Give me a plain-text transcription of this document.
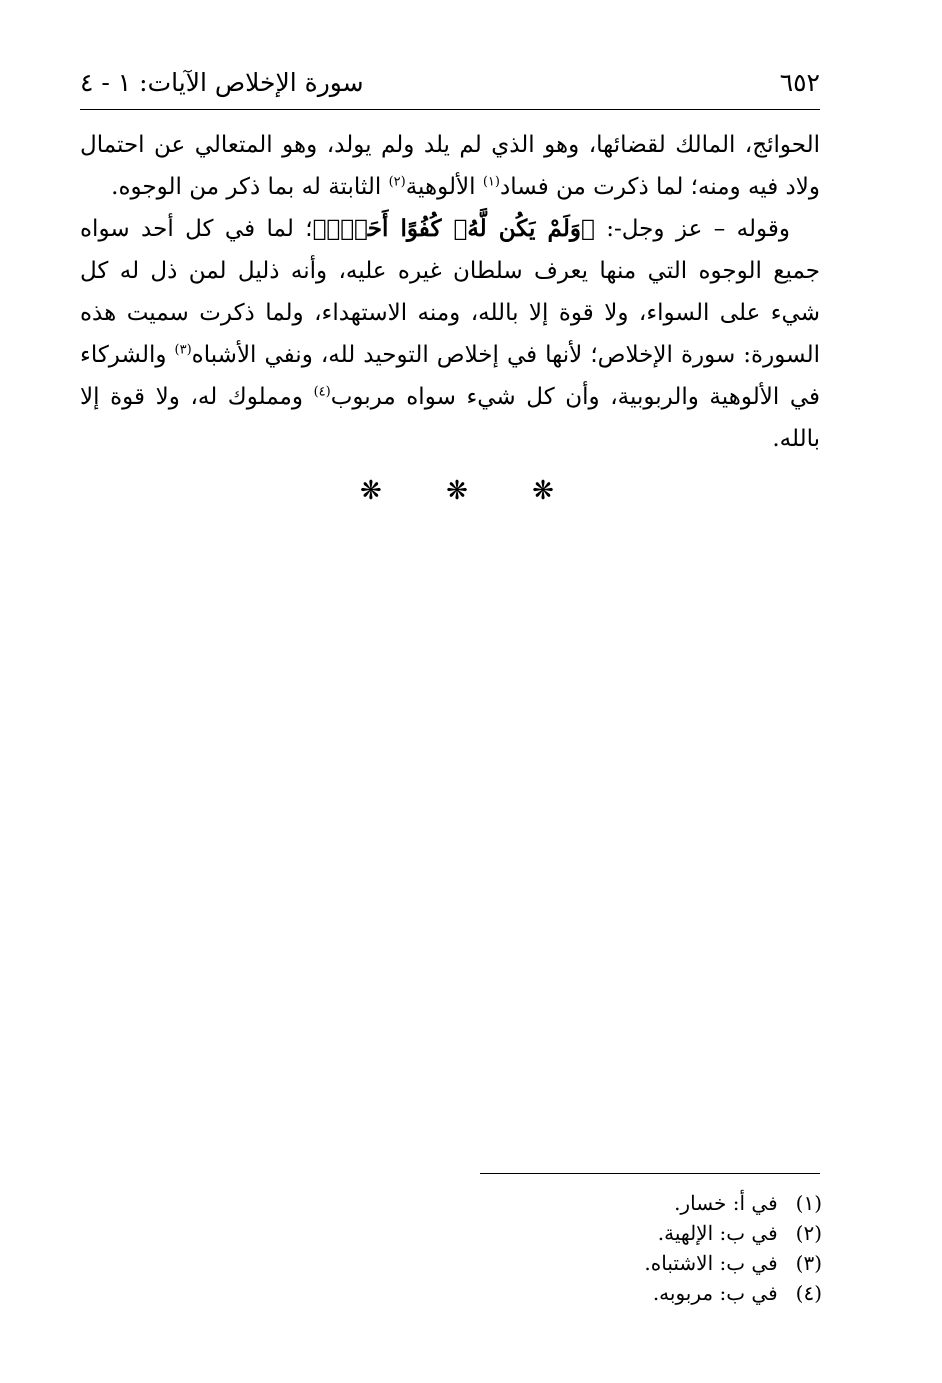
٦٥٢
سورة الإخلاص الآيات: ١ - ٤

الحوائج، المالك لقضائها، وهو الذي لم يلد ولم يولد، وهو المتعالي عن احتمال ولاد فيه ومنه؛ لما ذكرت من فساد$^{(١)}$ الألوهية$^{(٢)}$ الثابتة له بما ذكر من الوجوه.

وقوله – عز وجل-: ﴿وَلَمْ يَكُن لَّهُۥ كُفُوًا أَحَدٌۢ﴾؛ لما في كل أحد سواه جميع الوجوه التي منها يعرف سلطان غيره عليه، وأنه ذليل لمن ذل له كل شيء على السواء، ولا قوة إلا بالله، ومنه الاستهداء، ولما ذكرت سميت هذه السورة: سورة الإخلاص؛ لأنها في إخلاص التوحيد لله، ونفي الأشباه$^{(٣)}$ والشركاء في الألوهية والربوبية، وأن كل شيء سواه مربوب$^{(٤)}$ ومملوك له، ولا قوة إلا بالله.

❋ ❋ ❋
(١) في أ: خسار.
(٢) في ب: الإلهية.
(٣) في ب: الاشتباه.
(٤) في ب: مربوبه.
